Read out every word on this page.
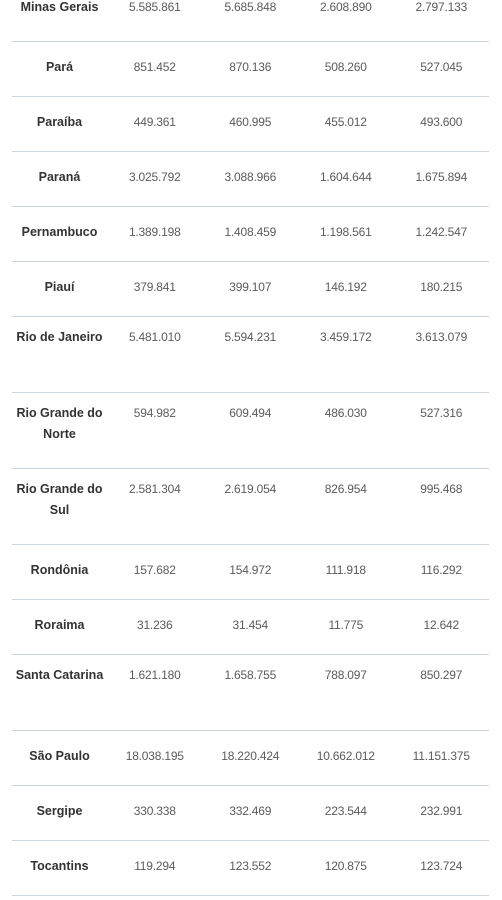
Minas Gerais	5.585.861	5.685.848	2.608.890	2.797.133

Pará	851.452	870.136	508.260	527.045

Paraíba	449.361	460.995	455.012	493.600

Paraná	3.025.792	3.088.966	1.604.644	1.675.894

Pernambuco	1.389.198	1.408.459	1.198.561	1.242.547

Piauí	379.841	399.107	146.192	180.215

Rio de Janeiro	5.481.010	5.594.231	3.459.172	3.613.079

Rio Grande do Norte	594.982	609.494	486.030	527.316

Rio Grande do Sul	2.581.304	2.619.054	826.954	995.468

Rondônia	157.682	154.972	111.918	116.292

Roraima	31.236	31.454	11.775	12.642

Santa Catarina	1.621.180	1.658.755	788.097	850.297

São Paulo	18.038.195	18.220.424	10.662.012	11.151.375

Sergipe	330.338	332.469	223.544	232.991

Tocantins	119.294	123.552	120.875	123.724
